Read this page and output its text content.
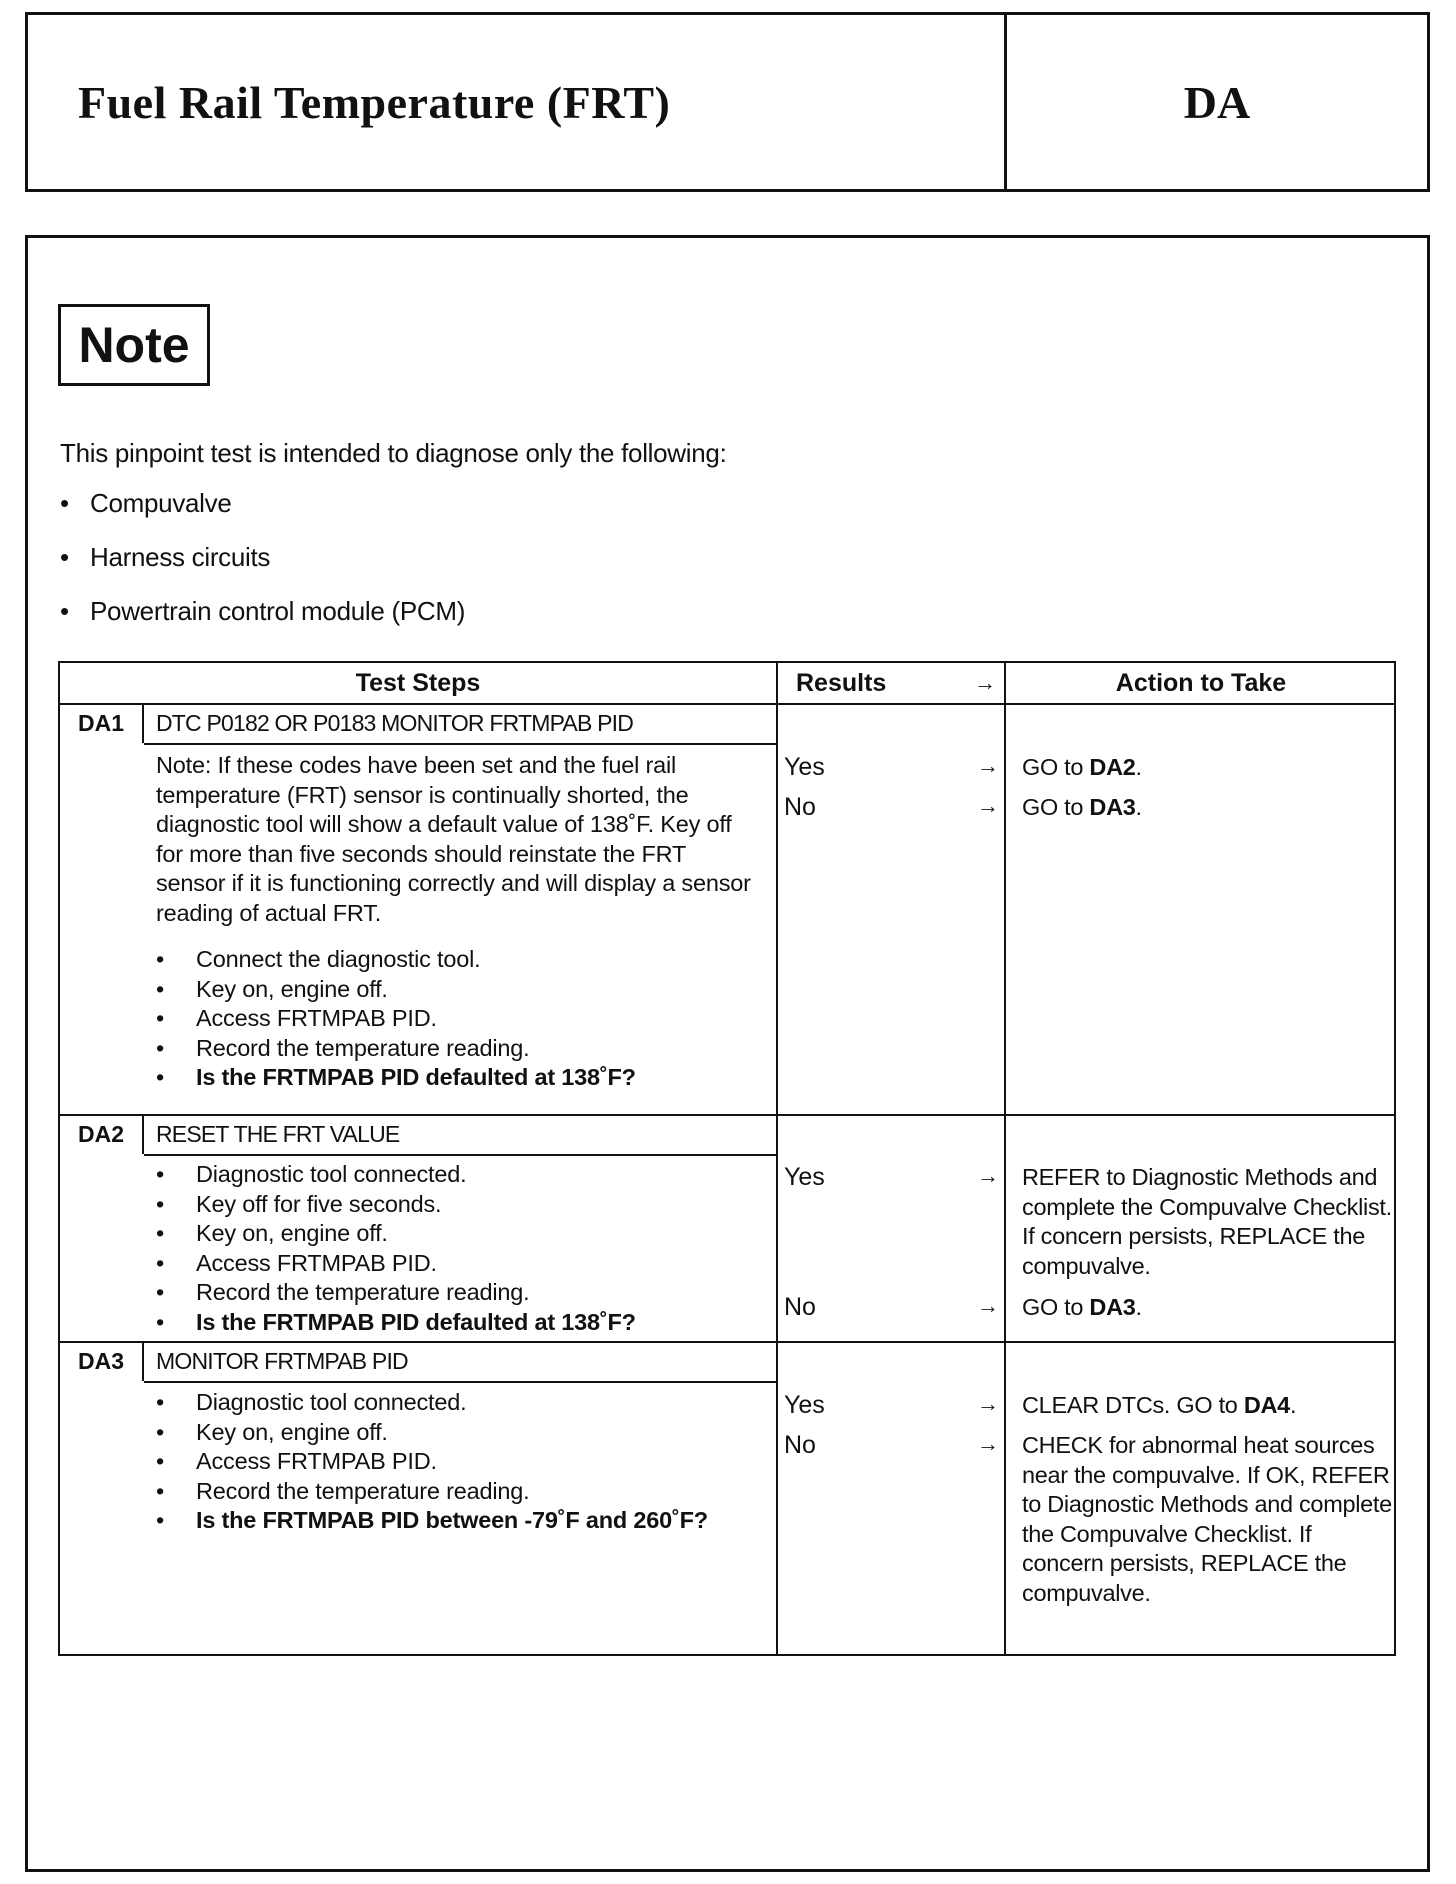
Fuel Rail Temperature (FRT)	DA
Note
This pinpoint test is intended to diagnose only the following:
• Compuvalve
• Harness circuits
• Powertrain control module (PCM)
Test Steps	Results	→	Action to Take
DA1	DTC P0182 OR P0183 MONITOR FRTMPAB PID
Note: If these codes have been set and the fuel rail temperature (FRT) sensor is continually shorted, the diagnostic tool will show a default value of 138˚F. Key off for more than five seconds should reinstate the FRT sensor if it is functioning correctly and will display a sensor reading of actual FRT.
•	Connect the diagnostic tool.
•	Key on, engine off.
•	Access FRTMPAB PID.
•	Record the temperature reading.
•	Is the FRTMPAB PID defaulted at 138˚F?
Yes	→ GO to DA2.
No	→ GO to DA3.
DA2	RESET THE FRT VALUE
•	Diagnostic tool connected.
•	Key off for five seconds.
•	Key on, engine off.
•	Access FRTMPAB PID.
•	Record the temperature reading.
•	Is the FRTMPAB PID defaulted at 138˚F?
Yes	→ REFER to Diagnostic Methods and complete the Compuvalve Checklist. If concern persists, REPLACE the compuvalve.
No	→ GO to DA3.
DA3	MONITOR FRTMPAB PID
•	Diagnostic tool connected.
•	Key on, engine off.
•	Access FRTMPAB PID.
•	Record the temperature reading.
•	Is the FRTMPAB PID between -79˚F and 260˚F?
Yes	→ CLEAR DTCs. GO to DA4.
No	→ CHECK for abnormal heat sources near the compuvalve. If OK, REFER to Diagnostic Methods and complete the Compuvalve Checklist. If concern persists, REPLACE the compuvalve.
